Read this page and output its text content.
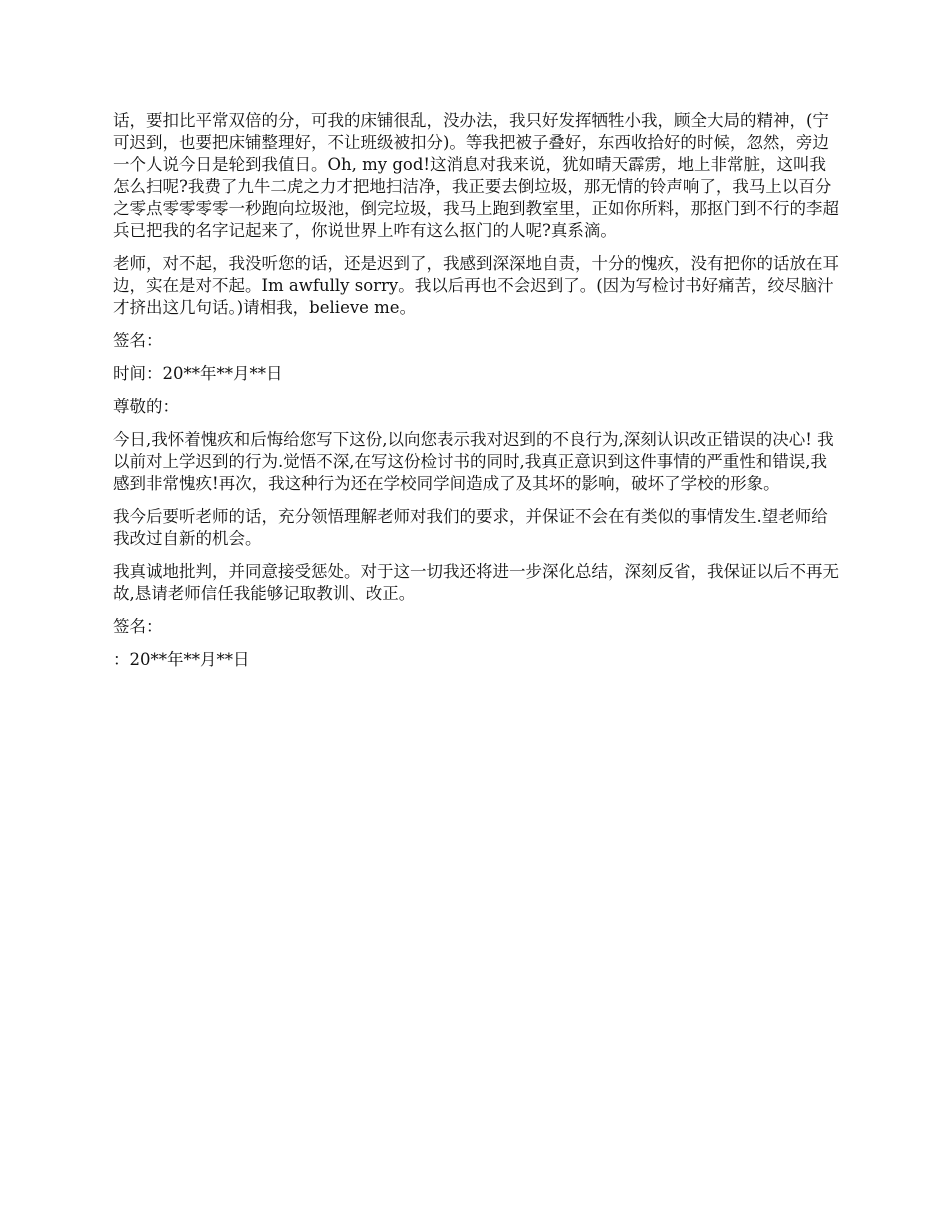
话，要扣比平常双倍的分，可我的床铺很乱，没办法，我只好发挥牺牲小我，顾全大局的精神，(宁可迟到，也要把床铺整理好，不让班级被扣分)。等我把被子叠好，东西收拾好的时候，忽然，旁边一个人说今日是轮到我值日。Oh, my god!这消息对我来说，犹如晴天霹雳，地上非常脏，这叫我怎么扫呢?我费了九牛二虎之力才把地扫洁净，我正要去倒垃圾，那无情的铃声响了，我马上以百分之零点零零零零一秒跑向垃圾池，倒完垃圾，我马上跑到教室里，正如你所料，那抠门到不行的李超兵已把我的名字记起来了，你说世界上咋有这么抠门的人呢?真系滴。

老师，对不起，我没听您的话，还是迟到了，我感到深深地自责，十分的愧疚，没有把你的话放在耳边，实在是对不起。Im awfully sorry。我以后再也不会迟到了。(因为写检讨书好痛苦，绞尽脑汁才挤出这几句话。)请相我，believe me。

签名：

时间：20**年**月**日

尊敬的：

今日,我怀着愧疚和后悔给您写下这份,以向您表示我对迟到的不良行为,深刻认识改正错误的决心! 我以前对上学迟到的行为.觉悟不深,在写这份检讨书的同时,我真正意识到这件事情的严重性和错误,我感到非常愧疚!再次，我这种行为还在学校同学间造成了及其坏的影响，破坏了学校的形象。

我今后要听老师的话，充分领悟理解老师对我们的要求，并保证不会在有类似的事情发生.望老师给我改过自新的机会。

我真诚地批判，并同意接受惩处。对于这一切我还将进一步深化总结，深刻反省，我保证以后不再无故,恳请老师信任我能够记取教训、改正。

签名：

：20**年**月**日
